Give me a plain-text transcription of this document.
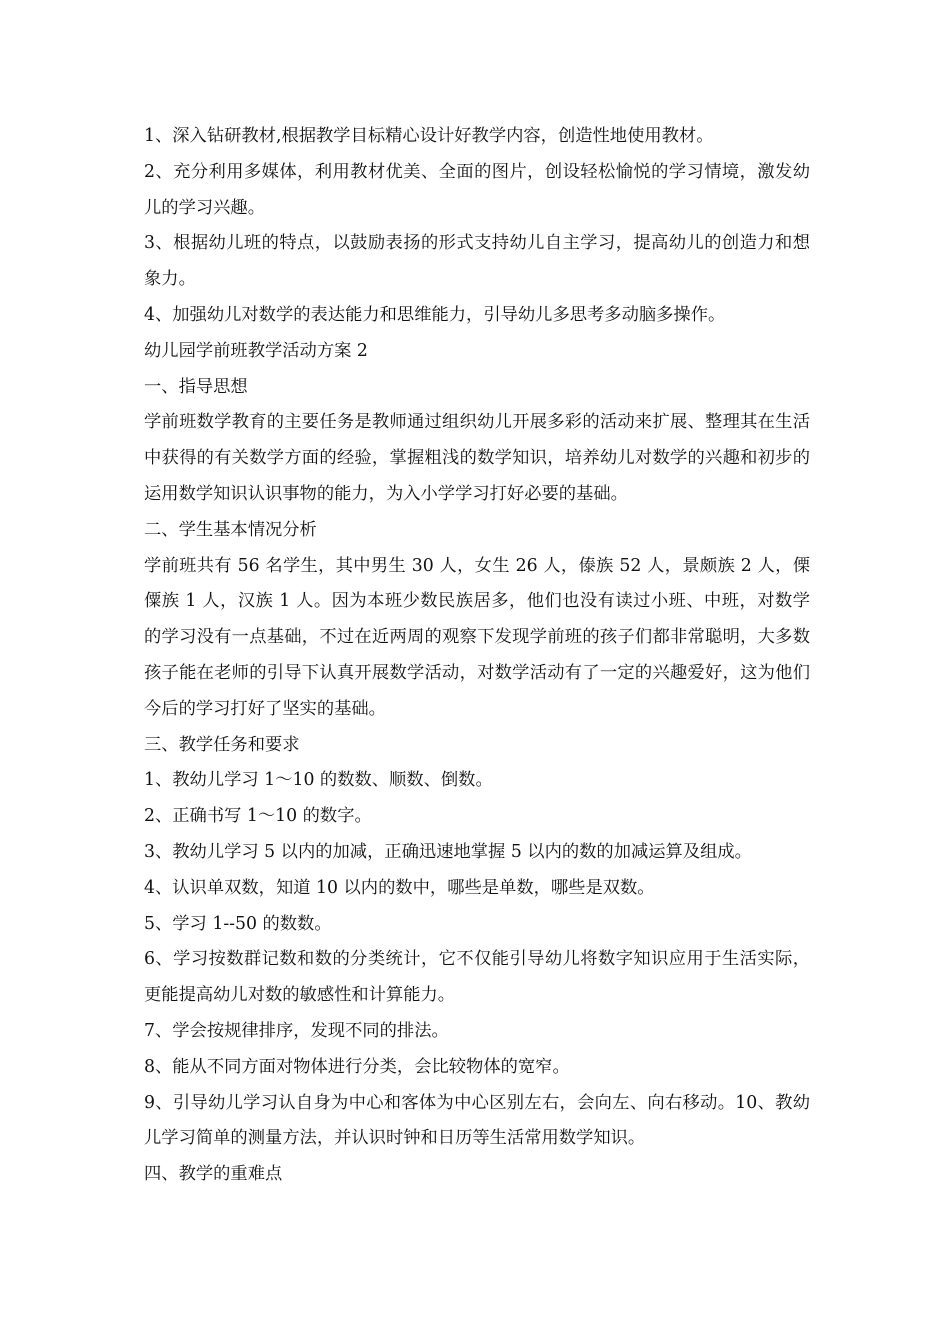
1、深入钻研教材,根据教学目标精心设计好教学内容，创造性地使用教材。

2、充分利用多媒体，利用教材优美、全面的图片，创设轻松愉悦的学习情境，激发幼儿的学习兴趣。

3、根据幼儿班的特点，以鼓励表扬的形式支持幼儿自主学习，提高幼儿的创造力和想象力。

4、加强幼儿对数学的表达能力和思维能力，引导幼儿多思考多动脑多操作。

幼儿园学前班教学活动方案 2

一、指导思想

学前班数学教育的主要任务是教师通过组织幼儿开展多彩的活动来扩展、整理其在生活中获得的有关数学方面的经验，掌握粗浅的数学知识，培养幼儿对数学的兴趣和初步的运用数学知识认识事物的能力，为入小学学习打好必要的基础。

二、学生基本情况分析

学前班共有 56 名学生，其中男生 30 人，女生 26 人，傣族 52 人，景颇族 2 人，傈僳族 1 人，汉族 1 人。因为本班少数民族居多，他们也没有读过小班、中班，对数学的学习没有一点基础，不过在近两周的观察下发现学前班的孩子们都非常聪明，大多数孩子能在老师的引导下认真开展数学活动，对数学活动有了一定的兴趣爱好，这为他们今后的学习打好了坚实的基础。

三、教学任务和要求

1、教幼儿学习 1～10 的数数、顺数、倒数。

2、正确书写 1～10 的数字。

3、教幼儿学习 5 以内的加减，正确迅速地掌握 5 以内的数的加减运算及组成。

4、认识单双数，知道 10 以内的数中，哪些是单数，哪些是双数。

5、学习 1--50 的数数。

6、学习按数群记数和数的分类统计，它不仅能引导幼儿将数字知识应用于生活实际，更能提高幼儿对数的敏感性和计算能力。

7、学会按规律排序，发现不同的排法。

8、能从不同方面对物体进行分类，会比较物体的宽窄。

9、引导幼儿学习认自身为中心和客体为中心区别左右，会向左、向右移动。10、教幼儿学习简单的测量方法，并认识时钟和日历等生活常用数学知识。

四、教学的重难点
